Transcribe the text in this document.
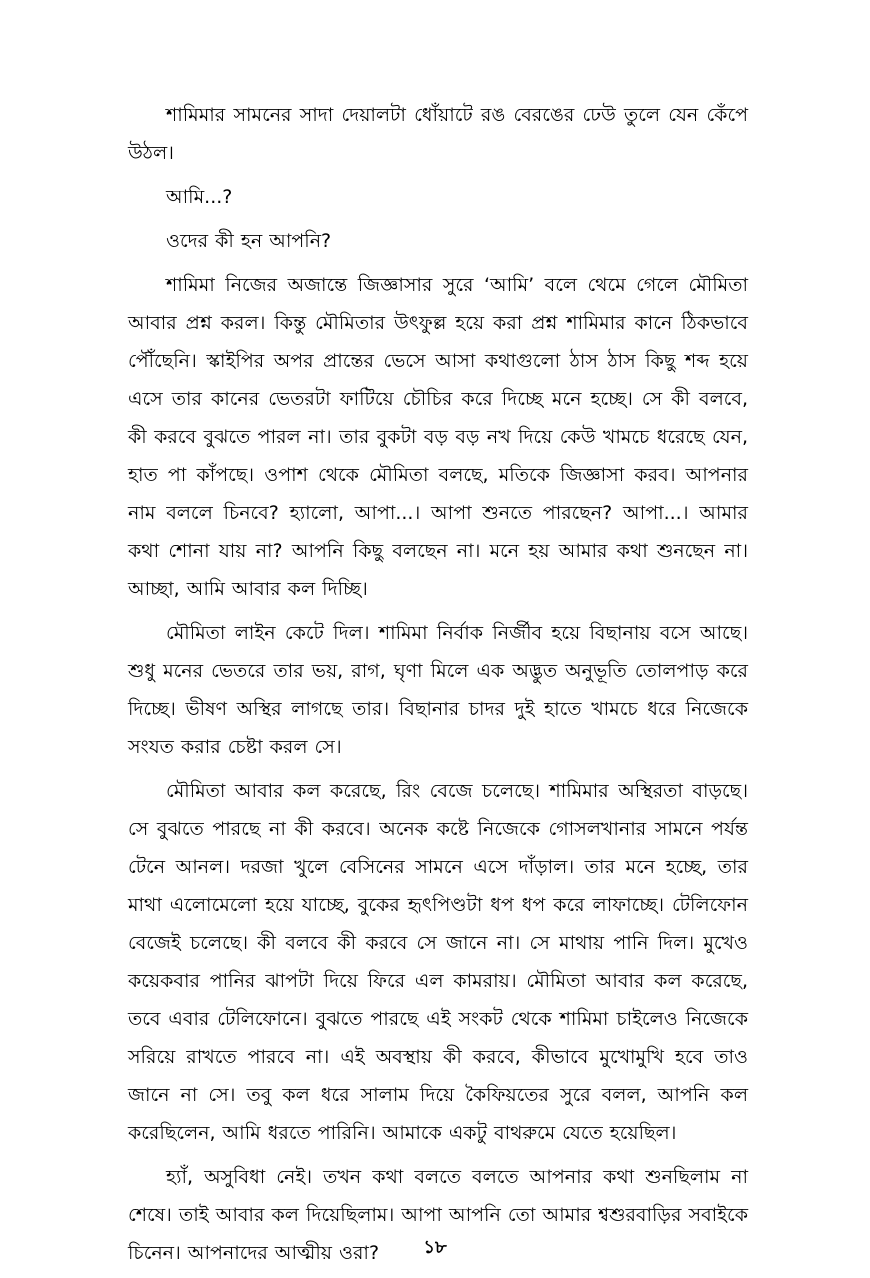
শামিমার সামনের সাদা দেয়ালটা ধোঁয়াটে রঙ বেরঙের ঢেউ তুলে যেন কেঁপে উঠল।

আমি...?

ওদের কী হন আপনি?

শামিমা নিজের অজান্তে জিজ্ঞাসার সুরে ‘আমি’ বলে থেমে গেলে মৌমিতা আবার প্রশ্ন করল। কিন্তু মৌমিতার উৎফুল্ল হয়ে করা প্রশ্ন শামিমার কানে ঠিকভাবে পৌঁছেনি। স্কাইপির অপর প্রান্তের ভেসে আসা কথাগুলো ঠাস ঠাস কিছু শব্দ হয়ে এসে তার কানের ভেতরটা ফাটিয়ে চৌচির করে দিচ্ছে মনে হচ্ছে। সে কী বলবে, কী করবে বুঝতে পারল না। তার বুকটা বড় বড় নখ দিয়ে কেউ খামচে ধরেছে যেন, হাত পা কাঁপছে। ওপাশ থেকে মৌমিতা বলছে, মতিকে জিজ্ঞাসা করব। আপনার নাম বললে চিনবে? হ্যালো, আপা...। আপা শুনতে পারছেন? আপা...। আমার কথা শোনা যায় না? আপনি কিছু বলছেন না। মনে হয় আমার কথা শুনছেন না। আচ্ছা, আমি আবার কল দিচ্ছি।

মৌমিতা লাইন কেটে দিল। শামিমা নির্বাক নির্জীব হয়ে বিছানায় বসে আছে। শুধু মনের ভেতরে তার ভয়, রাগ, ঘৃণা মিলে এক অদ্ভুত অনুভূতি তোলপাড় করে দিচ্ছে। ভীষণ অস্থির লাগছে তার। বিছানার চাদর দুই হাতে খামচে ধরে নিজেকে সংযত করার চেষ্টা করল সে।

মৌমিতা আবার কল করেছে, রিং বেজে চলেছে। শামিমার অস্থিরতা বাড়ছে। সে বুঝতে পারছে না কী করবে। অনেক কষ্টে নিজেকে গোসলখানার সামনে পর্যন্ত টেনে আনল। দরজা খুলে বেসিনের সামনে এসে দাঁড়াল। তার মনে হচ্ছে, তার মাথা এলোমেলো হয়ে যাচ্ছে, বুকের হৃৎপিণ্ডটা ধপ ধপ করে লাফাচ্ছে। টেলিফোন বেজেই চলেছে। কী বলবে কী করবে সে জানে না। সে মাথায় পানি দিল। মুখেও কয়েকবার পানির ঝাপটা দিয়ে ফিরে এল কামরায়। মৌমিতা আবার কল করেছে, তবে এবার টেলিফোনে। বুঝতে পারছে এই সংকট থেকে শামিমা চাইলেও নিজেকে সরিয়ে রাখতে পারবে না। এই অবস্থায় কী করবে, কীভাবে মুখোমুখি হবে তাও জানে না সে। তবু কল ধরে সালাম দিয়ে কৈফিয়তের সুরে বলল, আপনি কল করেছিলেন, আমি ধরতে পারিনি। আমাকে একটু বাথরুমে যেতে হয়েছিল।

হ্যাঁ, অসুবিধা নেই। তখন কথা বলতে বলতে আপনার কথা শুনছিলাম না শেষে। তাই আবার কল দিয়েছিলাম। আপা আপনি তো আমার শ্বশুরবাড়ির সবাইকে চিনেন। আপনাদের আত্মীয় ওরা?	১৮
